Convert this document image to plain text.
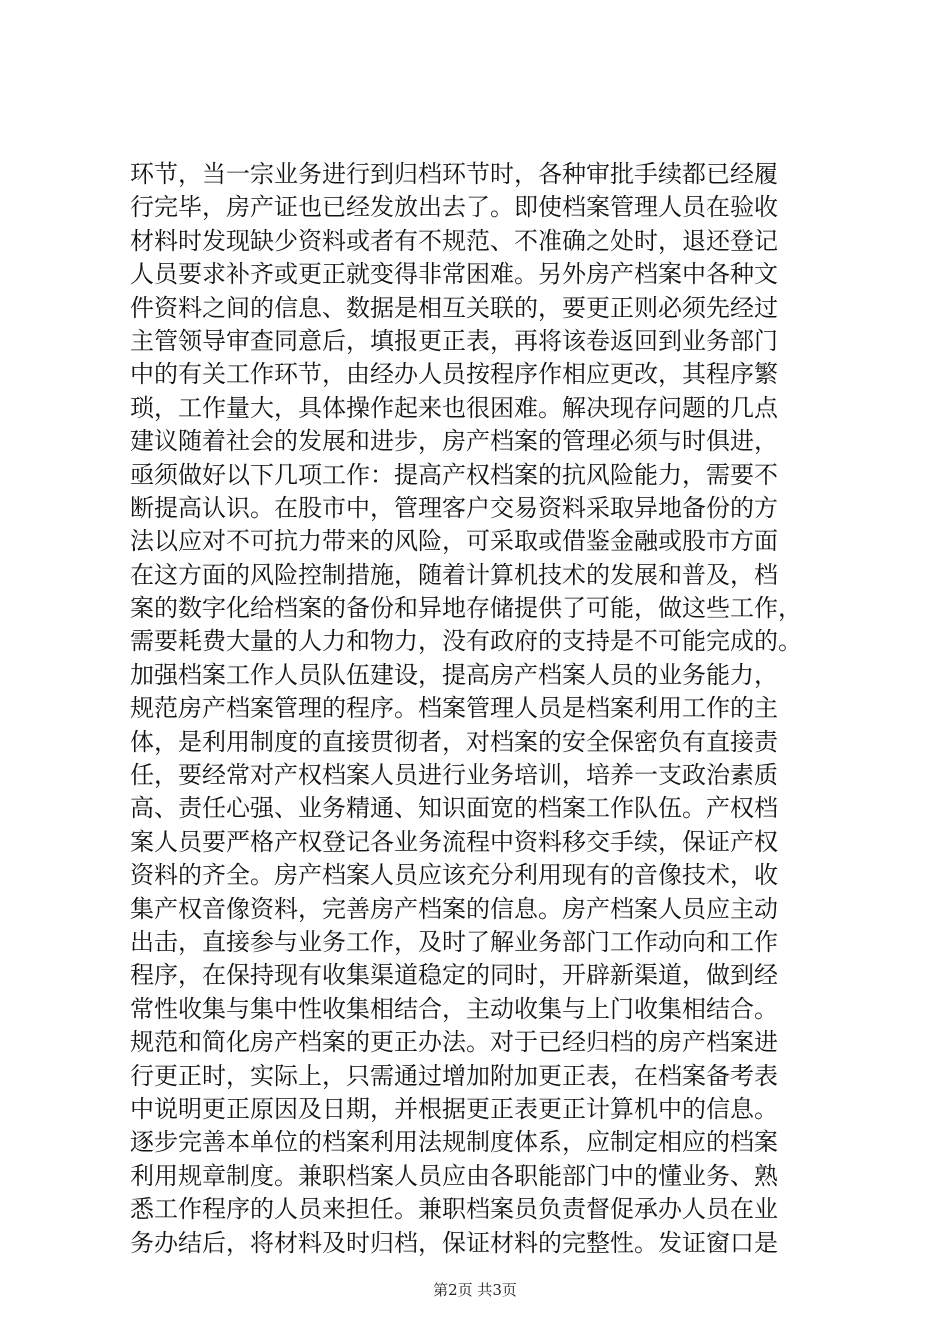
环节，当一宗业务进行到归档环节时，各种审批手续都已经履
行完毕，房产证也已经发放出去了。即使档案管理人员在验收
材料时发现缺少资料或者有不规范、不准确之处时，退还登记
人员要求补齐或更正就变得非常困难。另外房产档案中各种文
件资料之间的信息、数据是相互关联的，要更正则必须先经过
主管领导审查同意后，填报更正表，再将该卷返回到业务部门
中的有关工作环节，由经办人员按程序作相应更改，其程序繁
琐，工作量大，具体操作起来也很困难。解决现存问题的几点
建议随着社会的发展和进步，房产档案的管理必须与时俱进，
亟须做好以下几项工作：提高产权档案的抗风险能力，需要不
断提高认识。在股市中，管理客户交易资料采取异地备份的方
法以应对不可抗力带来的风险，可采取或借鉴金融或股市方面
在这方面的风险控制措施，随着计算机技术的发展和普及，档
案的数字化给档案的备份和异地存储提供了可能，做这些工作，
需要耗费大量的人力和物力，没有政府的支持是不可能完成的。
加强档案工作人员队伍建设，提高房产档案人员的业务能力，
规范房产档案管理的程序。档案管理人员是档案利用工作的主
体，是利用制度的直接贯彻者，对档案的安全保密负有直接责
任，要经常对产权档案人员进行业务培训，培养一支政治素质
高、责任心强、业务精通、知识面宽的档案工作队伍。产权档
案人员要严格产权登记各业务流程中资料移交手续，保证产权
资料的齐全。房产档案人员应该充分利用现有的音像技术，收
集产权音像资料，完善房产档案的信息。房产档案人员应主动
出击，直接参与业务工作，及时了解业务部门工作动向和工作
程序，在保持现有收集渠道稳定的同时，开辟新渠道，做到经
常性收集与集中性收集相结合，主动收集与上门收集相结合。
规范和简化房产档案的更正办法。对于已经归档的房产档案进
行更正时，实际上，只需通过增加附加更正表，在档案备考表
中说明更正原因及日期，并根据更正表更正计算机中的信息。
逐步完善本单位的档案利用法规制度体系，应制定相应的档案
利用规章制度。兼职档案人员应由各职能部门中的懂业务、熟
悉工作程序的人员来担任。兼职档案员负责督促承办人员在业
务办结后，将材料及时归档，保证材料的完整性。发证窗口是
第2页 共3页
